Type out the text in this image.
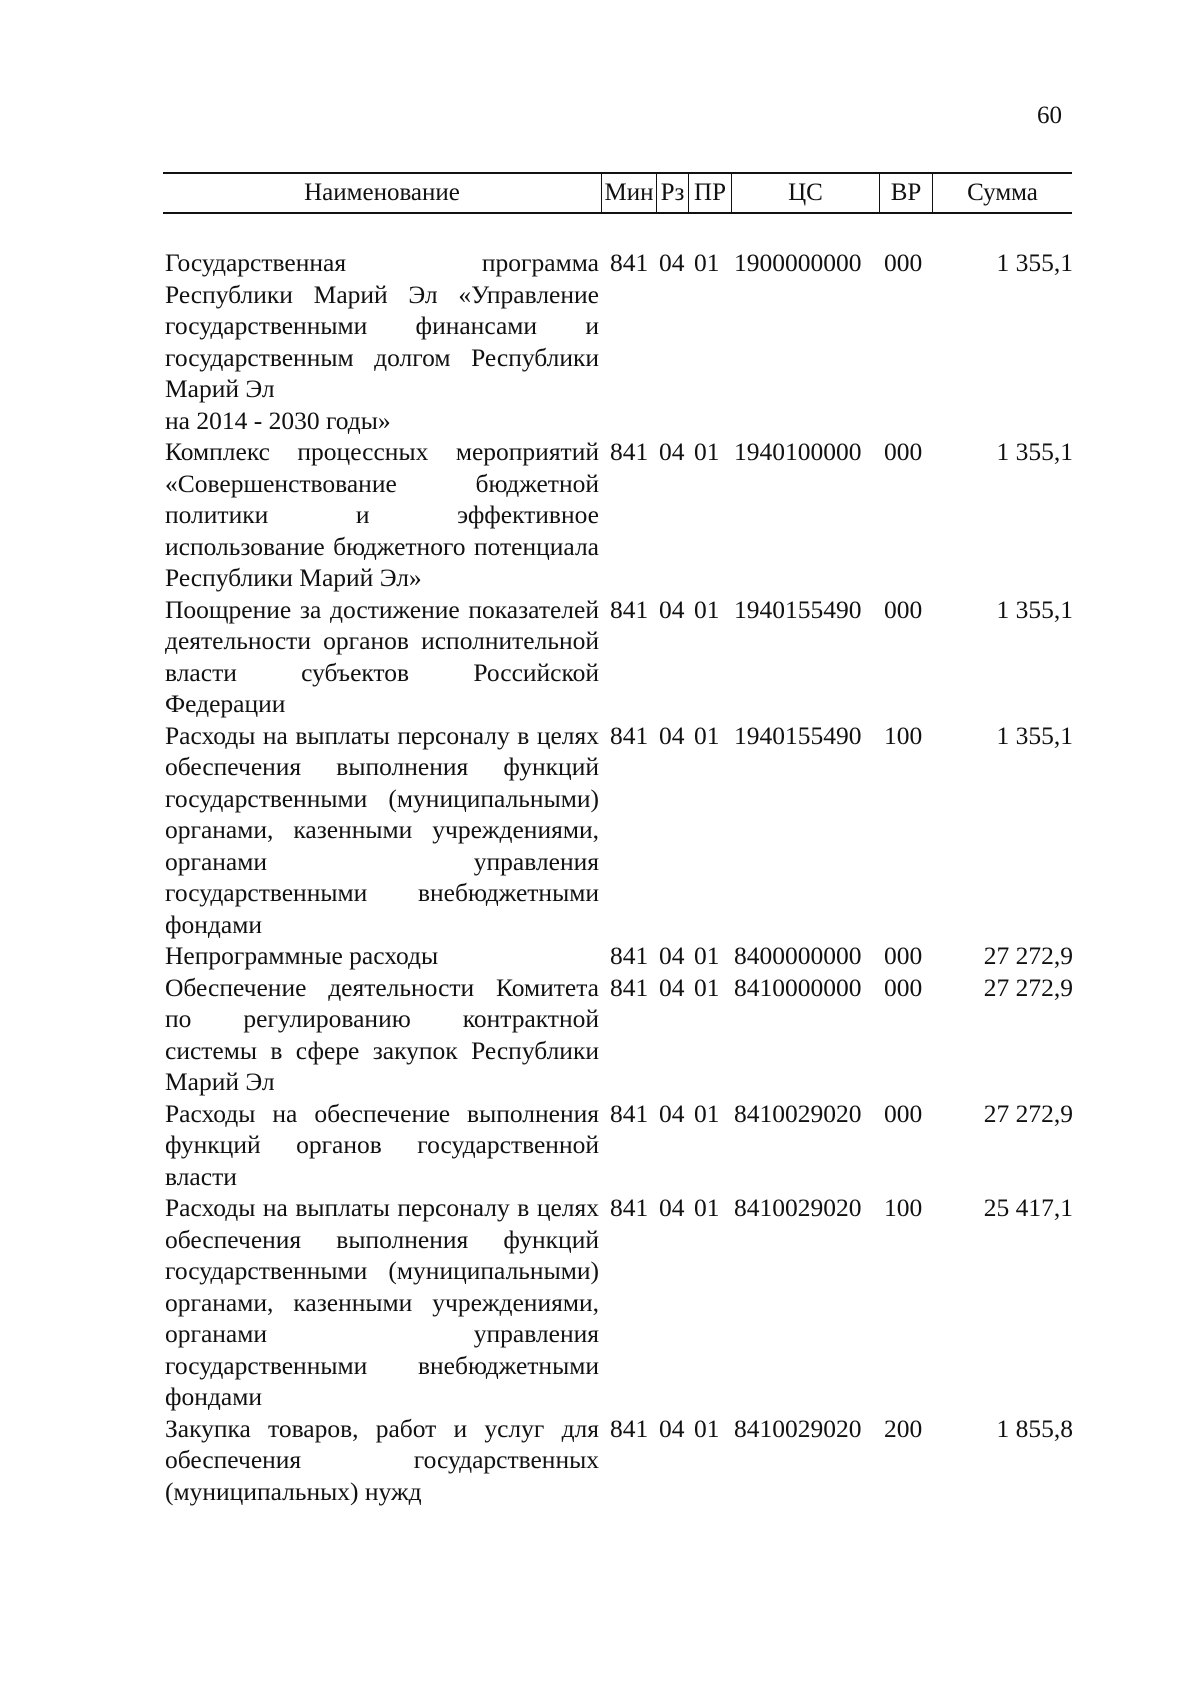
60
Наименование	Мин Рз ПР	ЦС	ВР	Сумма
Государственная программа Республики Марий Эл «Управление государственными финансами и государственным долгом Республики Марий Эл
на 2014 - 2030 годы»
841 04 01 1900000000 000	1 355,1
Комплекс процессных мероприятий «Совершенствование бюджетной политики и эффективное использование бюджетного потенциала Республики Марий Эл»
841 04 01 1940100000 000	1 355,1
Поощрение за достижение показателей деятельности органов исполнительной власти субъектов Российской Федерации
841 04 01 1940155490 000	1 355,1
Расходы на выплаты персоналу в целях обеспечения выполнения функций государственными (муниципальными) органами, казенными учреждениями, органами управления государственными внебюджетными фондами
841 04 01 1940155490 100	1 355,1
Непрограммные расходы	841 04 01 8400000000 000	27 272,9
Обеспечение деятельности Комитета по регулированию контрактной системы в сфере закупок Республики Марий Эл
841 04 01 8410000000 000	27 272,9
Расходы на обеспечение выполнения функций органов государственной власти
841 04 01 8410029020 000	27 272,9
Расходы на выплаты персоналу в целях обеспечения выполнения функций государственными (муниципальными) органами, казенными учреждениями, органами управления государственными внебюджетными фондами
841 04 01 8410029020 100	25 417,1
Закупка товаров, работ и услуг для обеспечения государственных (муниципальных) нужд
841 04 01 8410029020 200	1 855,8
